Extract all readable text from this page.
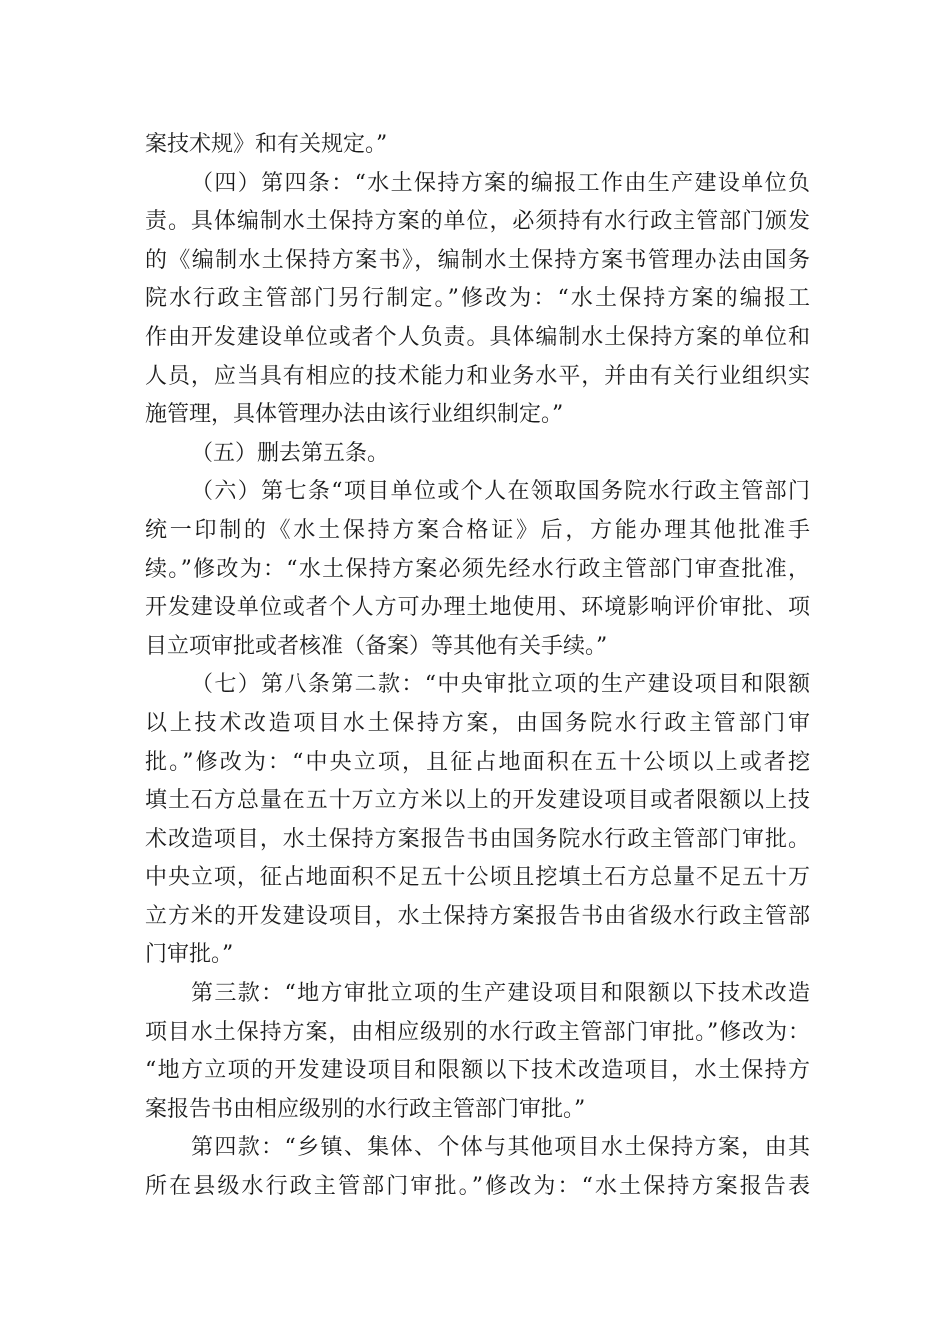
案技术规》和有关规定。”
（四）第四条：“水土保持方案的编报工作由生产建设单位负
责。具体编制水土保持方案的单位，必须持有水行政主管部门颁发
的《编制水土保持方案书》，编制水土保持方案书管理办法由国务
院水行政主管部门另行制定。”修改为：“水土保持方案的编报工
作由开发建设单位或者个人负责。具体编制水土保持方案的单位和
人员，应当具有相应的技术能力和业务水平，并由有关行业组织实
施管理，具体管理办法由该行业组织制定。”
（五）删去第五条。
（六）第七条“项目单位或个人在领取国务院水行政主管部门
统一印制的《水土保持方案合格证》后，方能办理其他批准手
续。”修改为：“水土保持方案必须先经水行政主管部门审查批准，
开发建设单位或者个人方可办理土地使用、环境影响评价审批、项
目立项审批或者核准（备案）等其他有关手续。”
（七）第八条第二款：“中央审批立项的生产建设项目和限额
以上技术改造项目水土保持方案，由国务院水行政主管部门审
批。”修改为：“中央立项，且征占地面积在五十公顷以上或者挖
填土石方总量在五十万立方米以上的开发建设项目或者限额以上技
术改造项目，水土保持方案报告书由国务院水行政主管部门审批。
中央立项，征占地面积不足五十公顷且挖填土石方总量不足五十万
立方米的开发建设项目，水土保持方案报告书由省级水行政主管部
门审批。”
第三款：“地方审批立项的生产建设项目和限额以下技术改造
项目水土保持方案，由相应级别的水行政主管部门审批。”修改为：
“地方立项的开发建设项目和限额以下技术改造项目，水土保持方
案报告书由相应级别的水行政主管部门审批。”
第四款：“乡镇、集体、个体与其他项目水土保持方案，由其
所在县级水行政主管部门审批。”修改为：“水土保持方案报告表
